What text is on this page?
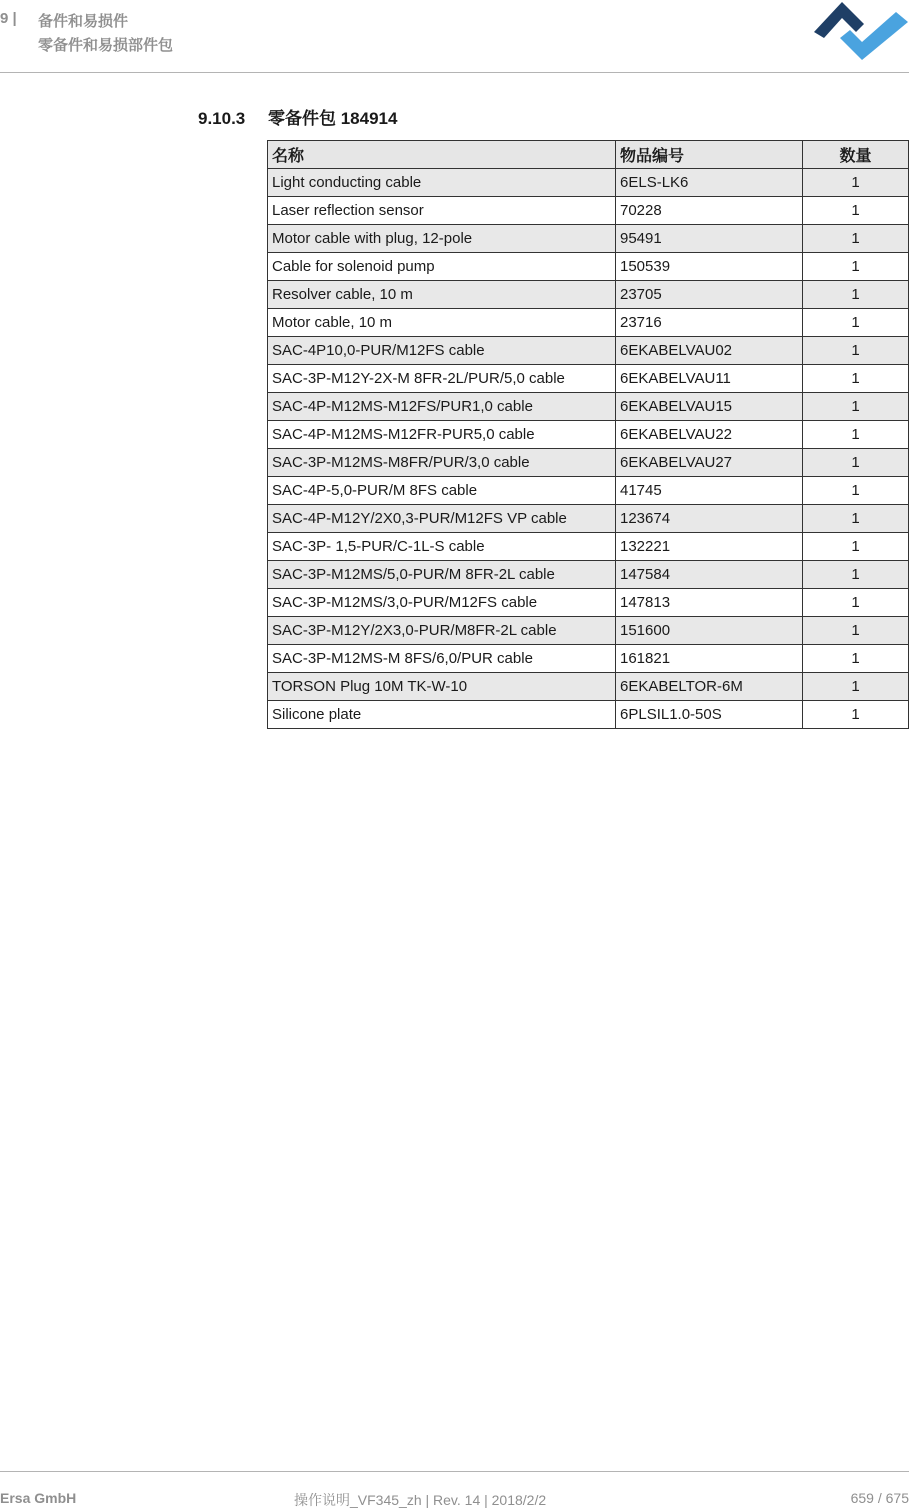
9 | 备件和易损件
零备件和易损部件包
9.10.3 零备件包 184914
名称	物品编号	数量
Light conducting cable	6ELS-LK6	1
Laser reflection sensor	70228	1
Motor cable with plug, 12-pole	95491	1
Cable for solenoid pump	150539	1
Resolver cable, 10 m	23705	1
Motor cable, 10 m	23716	1
SAC-4P10,0-PUR/M12FS cable	6EKABELVAU02	1
SAC-3P-M12Y-2X-M 8FR-2L/PUR/5,0 cable	6EKABELVAU11	1
SAC-4P-M12MS-M12FS/PUR1,0 cable	6EKABELVAU15	1
SAC-4P-M12MS-M12FR-PUR5,0 cable	6EKABELVAU22	1
SAC-3P-M12MS-M8FR/PUR/3,0 cable	6EKABELVAU27	1
SAC-4P-5,0-PUR/M 8FS cable	41745	1
SAC-4P-M12Y/2X0,3-PUR/M12FS VP cable	123674	1
SAC-3P- 1,5-PUR/C-1L-S cable	132221	1
SAC-3P-M12MS/5,0-PUR/M 8FR-2L cable	147584	1
SAC-3P-M12MS/3,0-PUR/M12FS cable	147813	1
SAC-3P-M12Y/2X3,0-PUR/M8FR-2L cable	151600	1
SAC-3P-M12MS-M 8FS/6,0/PUR cable	161821	1
TORSON Plug 10M TK-W-10	6EKABELTOR-6M	1
Silicone plate	6PLSIL1.0-50S	1
Ersa GmbH	操作说明_VF345_zh | Rev. 14 | 2018/2/2	659 / 675
